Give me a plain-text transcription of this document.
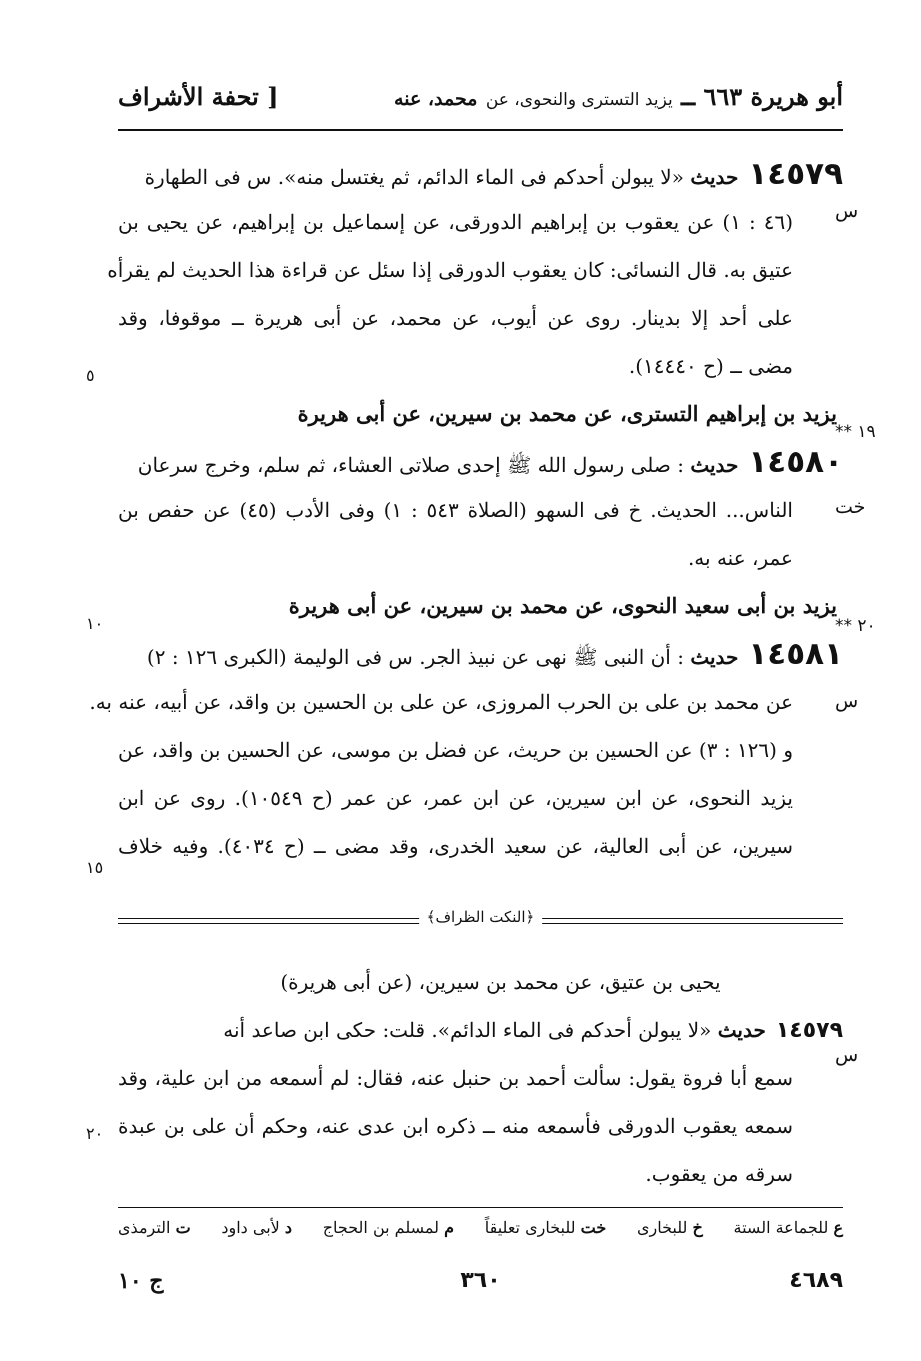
أبو هريرة ٦٦٣ ــ يزيد التسترى والنحوى، عن محمد، عنه
[ تحفة الأشراف
١٤٥٧٩حديث «لا يبولن أحدكم فى الماء الدائم، ثم يغتسل منه». س فى الطهارة
(٤٦ : ١) عن يعقوب بن إبراهيم الدورقى، عن إسماعيل بن إبراهيم، عن يحيى بن
عتيق به. قال النسائى: كان يعقوب الدورقى إذا سئل عن قراءة هذا الحديث لم يقرأه
على أحد إلا بدينار. روى عن أيوب، عن محمد، عن أبى هريرة ــ موقوفا، وقد
مضى ــ (ح ١٤٤٤٠).
يزيد بن إبراهيم التسترى، عن محمد بن سيرين، عن أبى هريرة
١٤٥٨٠حديث : صلى رسول الله ﷺ إحدى صلاتى العشاء، ثم سلم، وخرج سرعان
الناس... الحديث. خ فى السهو (الصلاة ٥٤٣ : ١) وفى الأدب (٤٥) عن حفص بن
عمر، عنه به.
يزيد بن أبى سعيد النحوى، عن محمد بن سيرين، عن أبى هريرة
١٤٥٨١حديث : أن النبى ﷺ نهى عن نبيذ الجر. س فى الوليمة (الكبرى ١٢٦ : ٢)
عن محمد بن على بن الحرب المروزى، عن على بن الحسين بن واقد، عن أبيه، عنه به.
و (١٢٦ : ٣) عن الحسين بن حريث، عن فضل بن موسى، عن الحسين بن واقد، عن
يزيد النحوى، عن ابن سيرين، عن ابن عمر، عن عمر (ح ١٠٥٤٩). روى عن ابن
سيرين، عن أبى العالية، عن سعيد الخدرى، وقد مضى ــ (ح ٤٠٣٤). وفيه خلاف
س
خت
س
س
١٩ **
٢٠ **
٥
١٠
١٥
٢٠
﴿النكت الظراف﴾
يحيى بن عتيق، عن محمد بن سيرين، (عن أبى هريرة)
١٤٥٧٩حديث «لا يبولن أحدكم فى الماء الدائم». قلت: حكى ابن صاعد أنه
سمع أبا فروة يقول: سألت أحمد بن حنبل عنه، فقال: لم أسمعه من ابن علية، وقد
سمعه يعقوب الدورقى فأسمعه منه ــ ذكره ابن عدى عنه، وحكم أن على بن عبدة
سرقه من يعقوب.
ع للجماعة الستة
خ للبخارى
خت للبخارى تعليقاً
م لمسلم بن الحجاج
د لأبى داود
ت الترمذى
٤٦٨٩
٣٦٠
ج ١٠
